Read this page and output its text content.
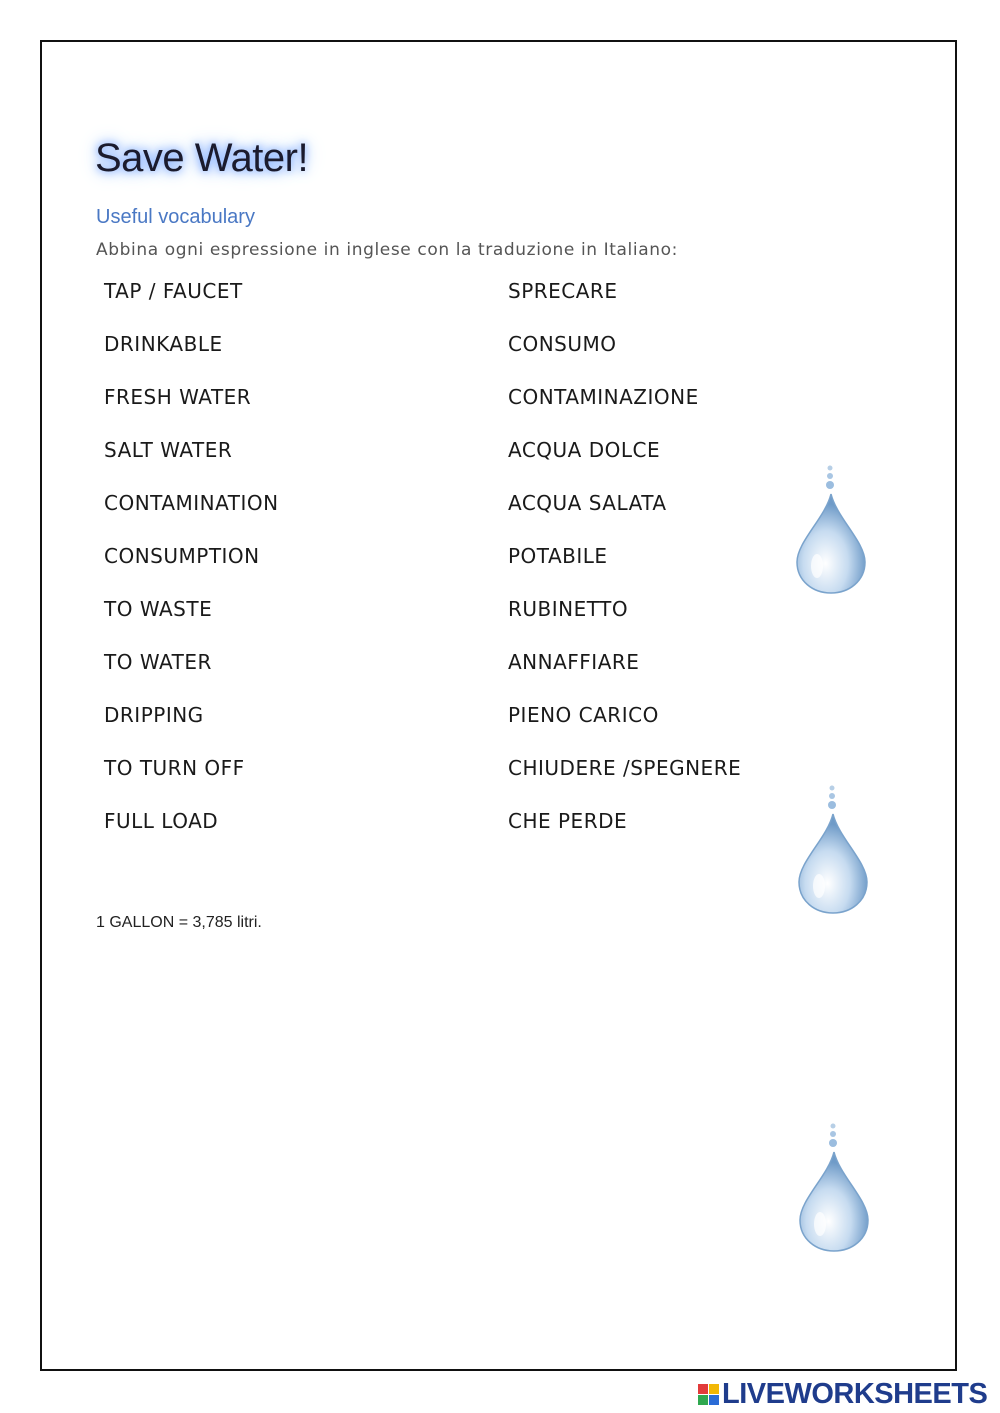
Save Water!
Useful vocabulary

Abbina ogni espressione in inglese con la traduzione in Italiano:

TAP / FAUCET
DRINKABLE
FRESH WATER
SALT WATER
CONTAMINATION
CONSUMPTION
TO WASTE
TO WATER
DRIPPING
TO TURN OFF
FULL LOAD
SPRECARE
CONSUMO
CONTAMINAZIONE
ACQUA DOLCE
ACQUA SALATA
POTABILE
RUBINETTO
ANNAFFIARE
PIENO CARICO
CHIUDERE /SPEGNERE
CHE PERDE

1 GALLON = 3,785 litri.

LIVEWORKSHEETS
